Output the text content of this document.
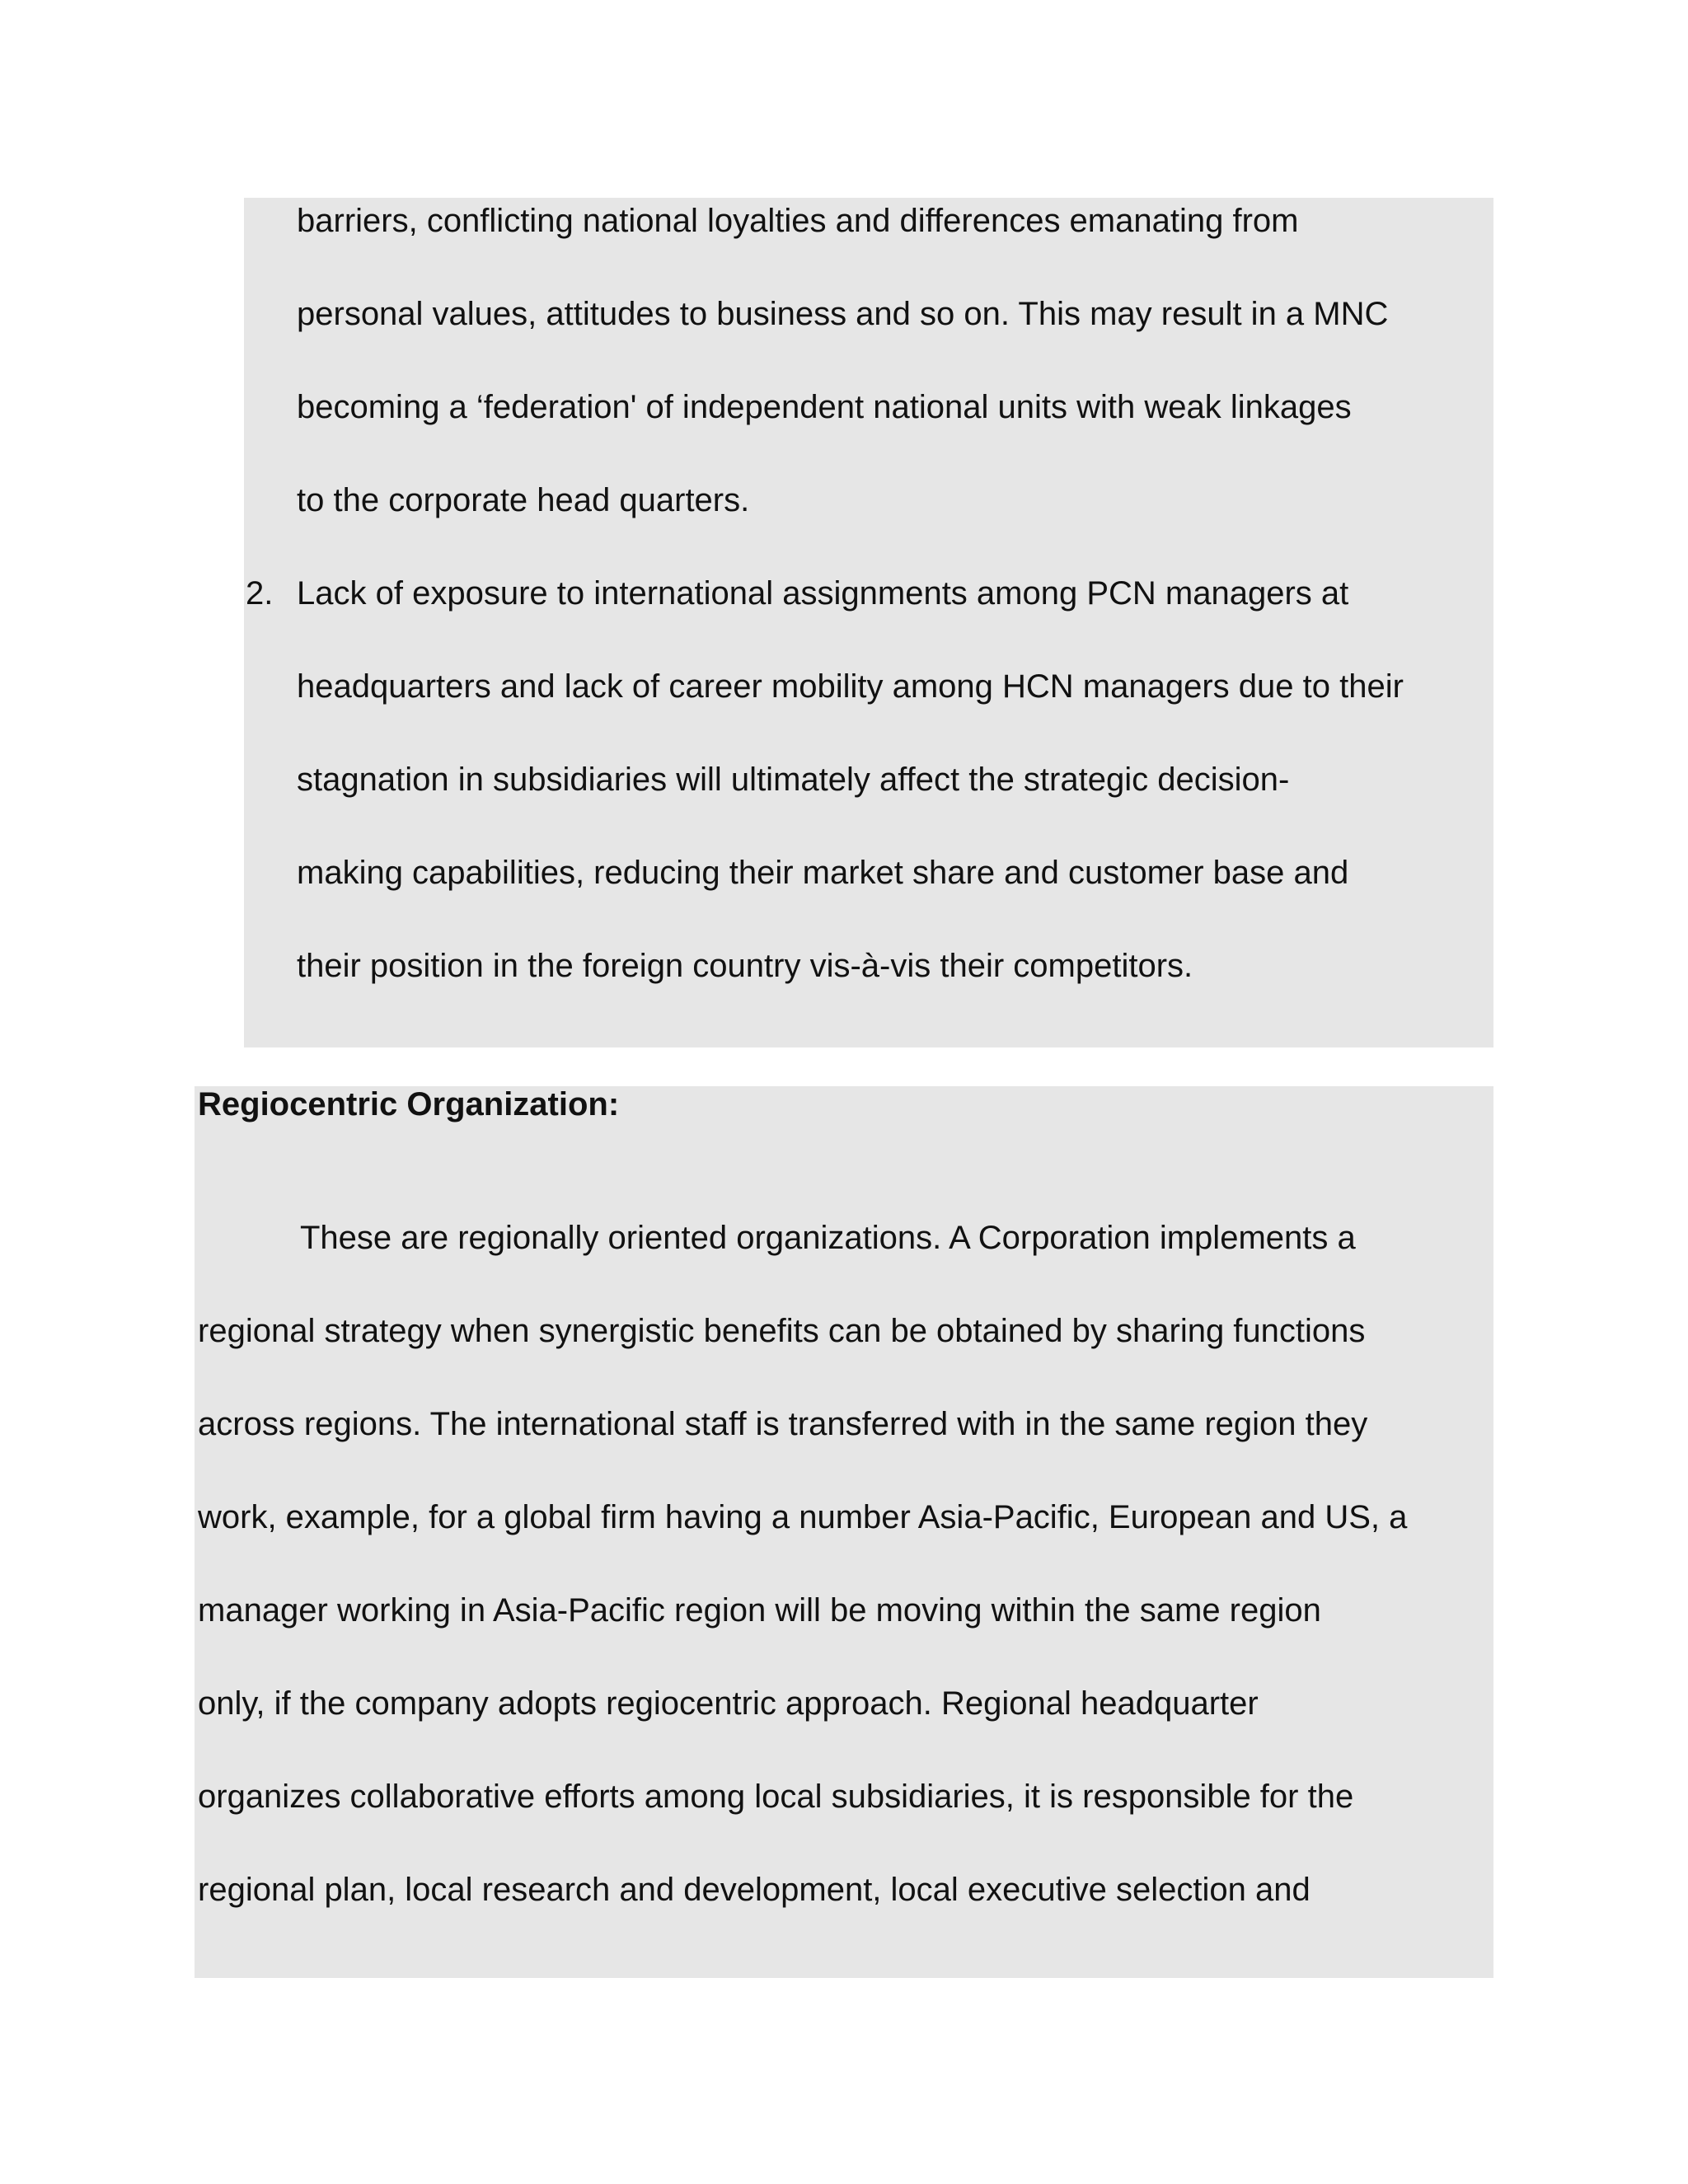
barriers, conflicting national loyalties and differences emanating from
personal values, attitudes to business and so on. This may result in a MNC
becoming a ‘federation' of independent national units with weak linkages
to the corporate head quarters.
2. Lack of exposure to international assignments among PCN managers at
headquarters and lack of career mobility among HCN managers due to their
stagnation in subsidiaries will ultimately affect the strategic decision-
making capabilities, reducing their market share and customer base and
their position in the foreign country vis-à-vis their competitors.
Regiocentric Organization:
These are regionally oriented organizations. A Corporation implements a
regional strategy when synergistic benefits can be obtained by sharing functions
across regions. The international staff is transferred with in the same region they
work, example, for a global firm having a number Asia-Pacific, European and US, a
manager working in Asia-Pacific region will be moving within the same region
only, if the company adopts regiocentric approach. Regional headquarter
organizes collaborative efforts among local subsidiaries, it is responsible for the
regional plan, local research and development, local executive selection and
